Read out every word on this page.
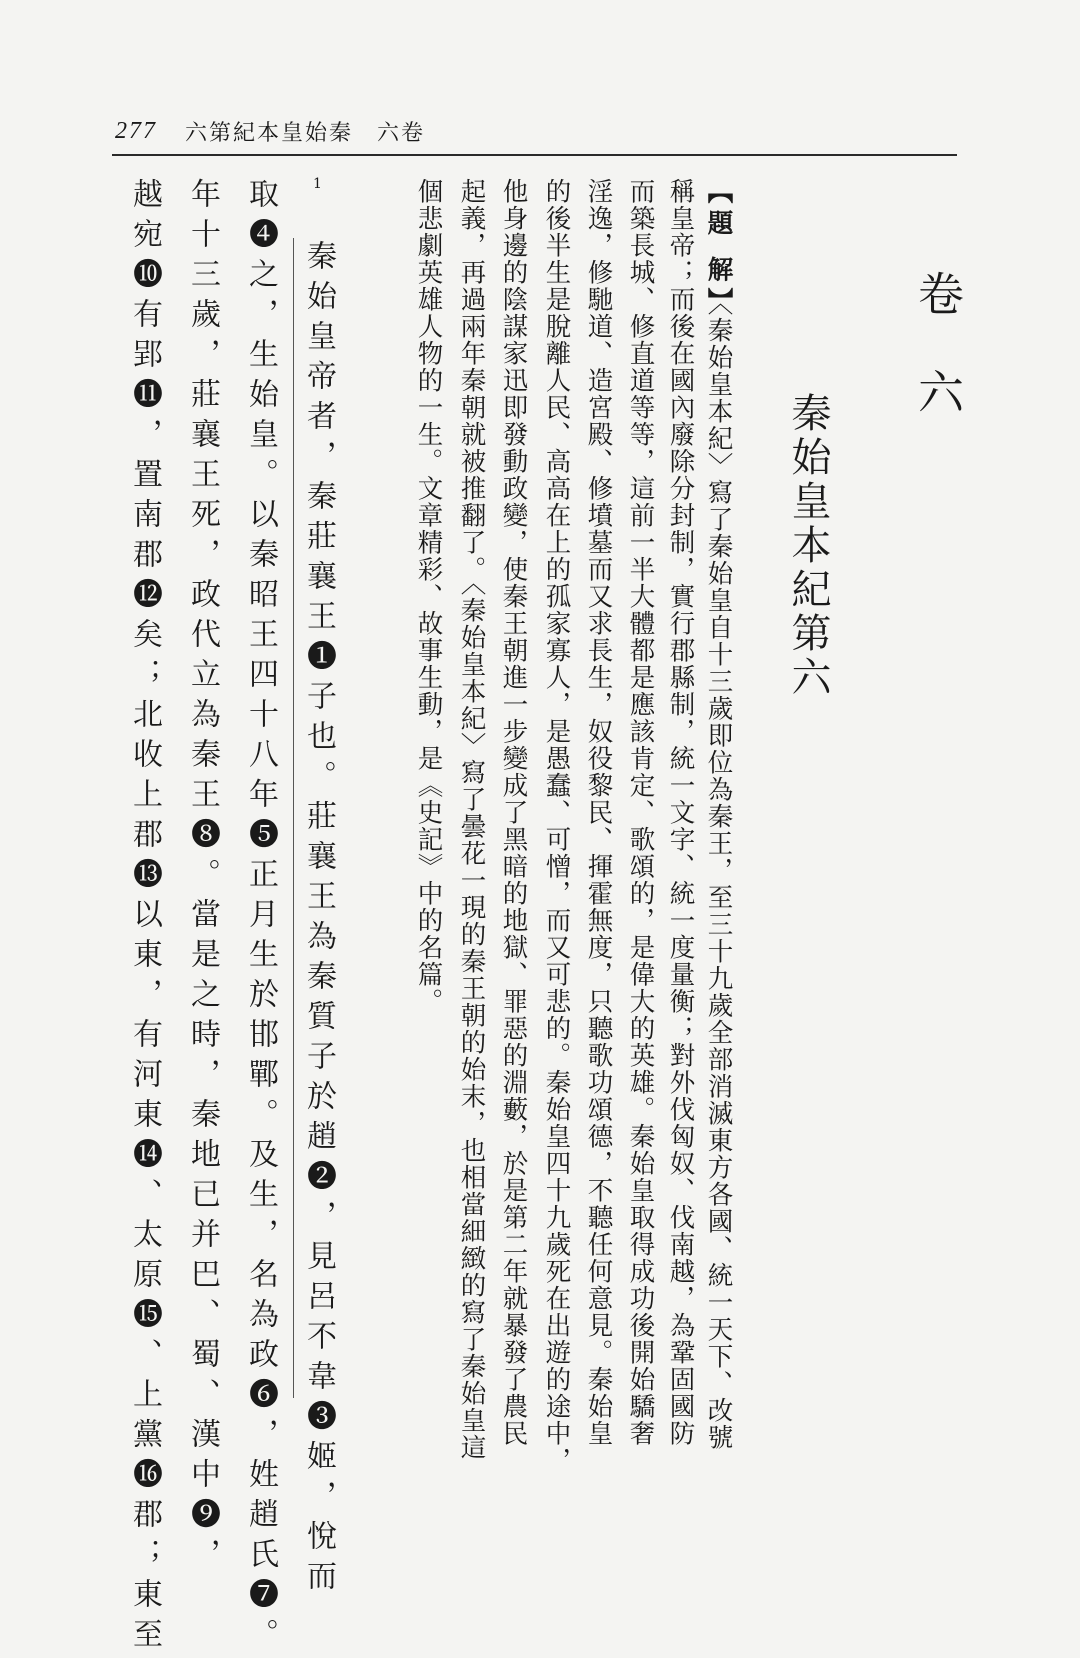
277 六第紀本皇始秦 六卷
卷六
秦始皇本紀第六
【題 解】
〈秦始皇本紀〉寫了秦始皇自十三歲即位為秦王，至三十九歲全部消滅東方各國、統一天下、改號
稱皇帝；而後在國內廢除分封制，實行郡縣制，統一文字、統一度量衡；對外伐匈奴、伐南越，為鞏固國防
而築長城、修直道等等，這前一半大體都是應該肯定、歌頌的，是偉大的英雄。秦始皇取得成功後開始驕奢
淫逸，修馳道、造宮殿、修墳墓而又求長生，奴役黎民、揮霍無度，只聽歌功頌德，不聽任何意見。秦始皇
的後半生是脫離人民、高高在上的孤家寡人，是愚蠢、可憎，而又可悲的。秦始皇四十九歲死在出遊的途中，
他身邊的陰謀家迅即發動政變，使秦王朝進一步變成了黑暗的地獄、罪惡的淵藪，於是第二年就暴發了農民
起義，再過兩年秦朝就被推翻了。〈秦始皇本紀〉寫了曇花一現的秦王朝的始末，也相當細緻的寫了秦始皇這
個悲劇英雄人物的一生。文章精彩、故事生動，是《史記》中的名篇。
1
秦始皇帝者，秦莊襄王❶子也。莊襄王為秦質子於趙❷，見呂不韋❸姬，悅而
取❹之，生始皇。以秦昭王四十八年❺正月生於邯鄲。及生，名為政❻，姓趙氏❼。
年十三歲，莊襄王死，政代立為秦王❽。當是之時，秦地已并巴、蜀、漢中❾，
越宛❿有郢⓫，置南郡⓬矣；北收上郡⓭以東，有河東⓮、太原⓯、上黨⓰郡；東至
